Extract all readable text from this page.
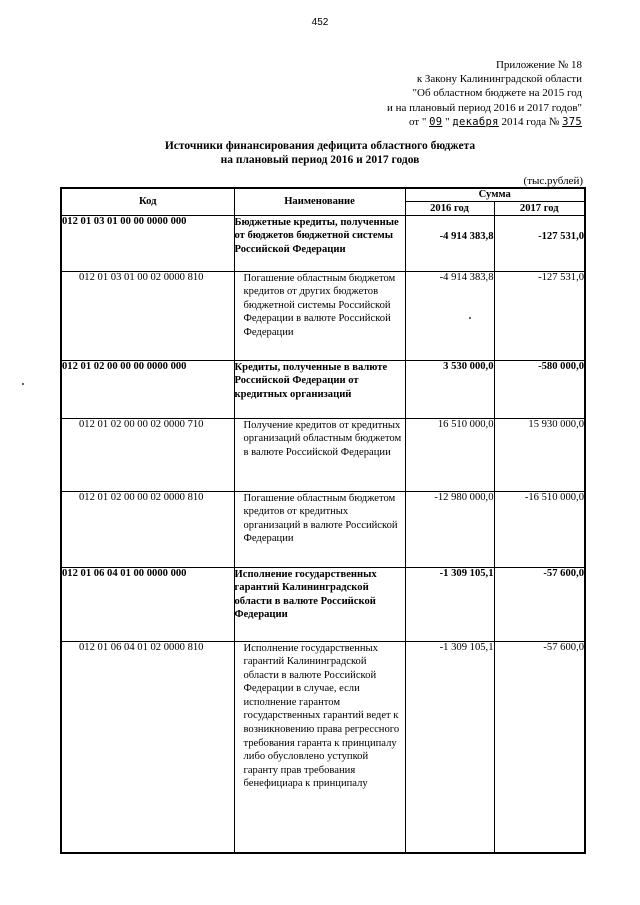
452
Приложение № 18
к Закону Калининградской области
"Об областном бюджете на 2015 год
и на плановый период 2016 и 2017 годов"
от " 09 " декабря 2014 года № 375
Источники финансирования дефицита областного бюджета
на плановый период 2016 и 2017 годов
(тыс.рублей)
Код	Наименование	Сумма	
		2016 год	2017 год
012 01 03 01 00 00 0000 000	Бюджетные кредиты, полученные от бюджетов бюджетной системы Российской Федерации	-4 914 383,8	-127 531,0
012 01 03 01 00 02 0000 810	Погашение областным бюджетом кредитов от других бюджетов бюджетной системы Российской Федерации в валюте Российской Федерации	-4 914 383,8	-127 531,0
012 01 02 00 00 00 0000 000	Кредиты, полученные в валюте Российской Федерации от кредитных организаций	3 530 000,0	-580 000,0
012 01 02 00 00 02 0000 710	Получение кредитов от кредитных организаций областным бюджетом в валюте Российской Федерации	16 510 000,0	15 930 000,0
012 01 02 00 00 02 0000 810	Погашение областным бюджетом кредитов от кредитных организаций в валюте Российской Федерации	-12 980 000,0	-16 510 000,0
012 01 06 04 01 00 0000 000	Исполнение государственных гарантий Калининградской области в валюте Российской Федерации	-1 309 105,1	-57 600,0
012 01 06 04 01 02 0000 810	Исполнение государственных гарантий Калининградской области в валюте Российской Федерации в случае, если исполнение гарантом государственных гарантий ведет к возникновению права регрессного требования гаранта к принципалу либо обусловлено уступкой гаранту прав требования бенефициара к принципалу	-1 309 105,1	-57 600,0
